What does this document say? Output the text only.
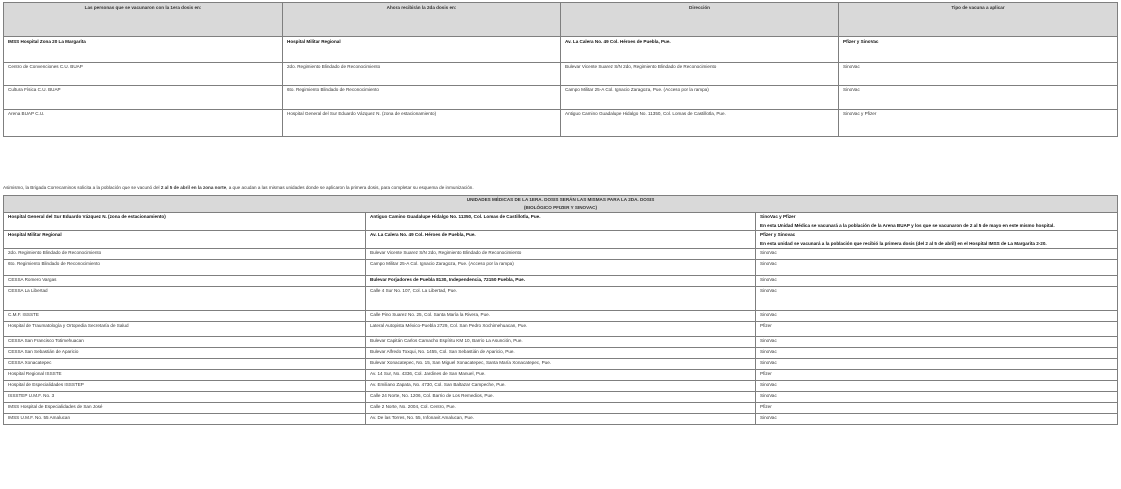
Las personas que se vacunaron con la 1era dosis en:	Ahora recibirán la 2da dosis en:	Dirección	Tipo de vacuna a aplicar
IMSS Hospital Zona 20 La Margarita	Hospital Militar Regional	Av. La Calera No. 49 Col. Héroes de Puebla, Pue.	Pfizer y SinoVac
Centro de Convenciones C.U. BUAP	2do. Regimiento Blindado de Reconocimiento	Bulevar Vicente Suarez S/N 2do, Regimiento Blindado de Reconocimiento	SinoVac
Cultura Física C.U. BUAP	6to. Regimiento Blindado de Reconocimiento	Campo Militar 25-A Col. Ignacio Zaragoza, Pue. (Acceso por la rampa)	SinoVac
Arena BUAP C.U.	Hospital General del Sur Eduardo Vázquez N. (zona de estacionamiento)	Antiguo Camino Guadalupe Hidalgo No. 11350, Col. Lomas de Castillotla, Pue.	SinoVac y Pfizer
Asimismo, la Brigada Correcaminos solicita a la población que se vacunó del 2 al 5 de abril en la zona norte, a que acudan a las mismas unidades donde se aplicaron la primera dosis, para completar su esquema de inmunización.
UNIDADES MÉDICAS DE LA 1ERA. DOSIS SERÁN LAS MISMAS PARA LA 2DA. DOSIS
(BIOLÓGICO PFIZER Y SINOVAC)		

Hospital General del Sur Eduardo Vázquez N. (zona de estacionamiento)	Antiguo Camino Guadalupe Hidalgo No. 11350, Col. Lomas de Castillotla, Pue.	SinoVac y Pfizer
En esta Unidad Médica se vacunará a la población de la Arena BUAP y los que se vacunaron de 2 al 5 de mayo en este mismo hospital.

Hospital Militar Regional	Av. La Calera No. 49 Col. Héroes de Puebla, Pue.	Pfizer y Sinovac
En esta unidad se vacunará a la población que recibió la primera dosis (del 2 al 5 de abril) en el Hospital IMSS de La Margarita 2-20.

2do. Regimiento Blindado de Reconocimiento	Bulevar Vicente Suarez S/N 2do, Regimiento Blindado de Reconocimiento	SinoVac
6to. Regimiento Blindado de Reconocimiento	Campo Militar 25-A Col. Ignacio Zaragoza, Pue. (Acceso por la rampa)	SinoVac
CESSA Romero Vargas	Bulevar Forjadores de Puebla 8130, Independencia, 72150 Puebla, Pue.	SinoVac
CESSA La Libertad	Calle 4 Sur No. 107, Col. La Libertad, Pue.	SinoVac
C.M.F. ISSSTE	Calle Pino Suarez No. 25, Col. Santa María la Rivera, Pue.	SinoVac
Hospital de Traumatología y Ortopedia Secretaría de Salud	Lateral Autopista México-Puebla 2729, Col. San Pedro Xochimehuacan, Pue.	Pfizer
CESSA San Francisco Totimehuacan	Bulevar Capitán Carlos Camacho Espíritu KM 10, Barrio La Asunción, Pue.	SinoVac
CESSA San Sebastián de Aparicio	Bulevar Alfredo Toxqui, No. 1455, Col. San Sebastián de Aparicio, Pue.	SinoVac
CESSA Xonacatepec	Bulevar Xonacatepec, No. 15, San Miguel Xonacatepec, Santa María Xonacatepec, Pue.	SinoVac
Hospital Regional ISSSTE	Av. 14 Sur, No. 4336, Col. Jardines de San Manuel, Pue.	Pfizer
Hospital de Especialidades ISSSTEP	Av. Emiliano Zapata, No. 4730, Col. San Baltazar Campeche, Pue.	SinoVac
ISSSTEP U.M.F. No. 3	Calle 24 Norte, No. 1206, Col. Barrio de Los Remedios, Pue.	SinoVac
IMSS Hospital de Especialidades de San José	Calle 2 Norte, No. 2004, Col. Centro, Pue.	Pfizer
IMSS U.M.F. No. 55 Amalucan	Av. De las Torres, No. 55, Infonavit Amalucan, Pue.	SinoVac
